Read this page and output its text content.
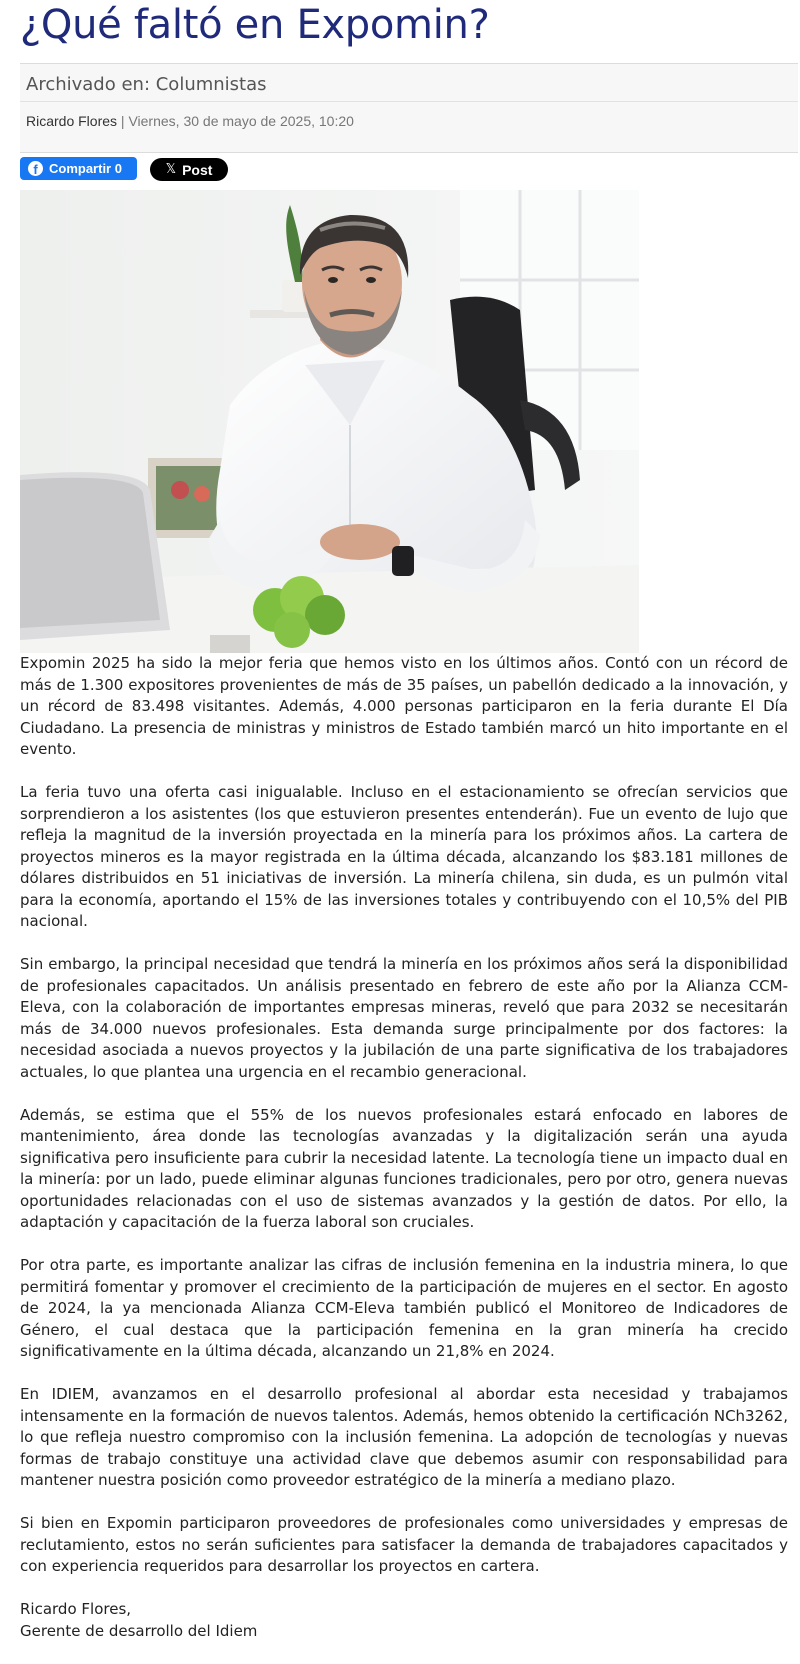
¿Qué faltó en Expomin?
Archivado en: Columnistas
Ricardo Flores | Viernes, 30 de mayo de 2025, 10:20
f Compartir 0	𝕏 Post

Expomin 2025 ha sido la mejor feria que hemos visto en los últimos años. Contó con un récord de más de 1.300 expositores provenientes de más de 35 países, un pabellón dedicado a la innovación, y un récord de 83.498 visitantes. Además, 4.000 personas participaron en la feria durante El Día Ciudadano. La presencia de ministras y ministros de Estado también marcó un hito importante en el evento.

La feria tuvo una oferta casi inigualable. Incluso en el estacionamiento se ofrecían servicios que sorprendieron a los asistentes (los que estuvieron presentes entenderán). Fue un evento de lujo que refleja la magnitud de la inversión proyectada en la minería para los próximos años. La cartera de proyectos mineros es la mayor registrada en la última década, alcanzando los $83.181 millones de dólares distribuidos en 51 iniciativas de inversión. La minería chilena, sin duda, es un pulmón vital para la economía, aportando el 15% de las inversiones totales y contribuyendo con el 10,5% del PIB nacional.

Sin embargo, la principal necesidad que tendrá la minería en los próximos años será la disponibilidad de profesionales capacitados. Un análisis presentado en febrero de este año por la Alianza CCM-Eleva, con la colaboración de importantes empresas mineras, reveló que para 2032 se necesitarán más de 34.000 nuevos profesionales. Esta demanda surge principalmente por dos factores: la necesidad asociada a nuevos proyectos y la jubilación de una parte significativa de los trabajadores actuales, lo que plantea una urgencia en el recambio generacional.

Además, se estima que el 55% de los nuevos profesionales estará enfocado en labores de mantenimiento, área donde las tecnologías avanzadas y la digitalización serán una ayuda significativa pero insuficiente para cubrir la necesidad latente. La tecnología tiene un impacto dual en la minería: por un lado, puede eliminar algunas funciones tradicionales, pero por otro, genera nuevas oportunidades relacionadas con el uso de sistemas avanzados y la gestión de datos. Por ello, la adaptación y capacitación de la fuerza laboral son cruciales.

Por otra parte, es importante analizar las cifras de inclusión femenina en la industria minera, lo que permitirá fomentar y promover el crecimiento de la participación de mujeres en el sector. En agosto de 2024, la ya mencionada Alianza CCM-Eleva también publicó el Monitoreo de Indicadores de Género, el cual destaca que la participación femenina en la gran minería ha crecido significativamente en la última década, alcanzando un 21,8% en 2024.

En IDIEM, avanzamos en el desarrollo profesional al abordar esta necesidad y trabajamos intensamente en la formación de nuevos talentos. Además, hemos obtenido la certificación NCh3262, lo que refleja nuestro compromiso con la inclusión femenina. La adopción de tecnologías y nuevas formas de trabajo constituye una actividad clave que debemos asumir con responsabilidad para mantener nuestra posición como proveedor estratégico de la minería a mediano plazo.

Si bien en Expomin participaron proveedores de profesionales como universidades y empresas de reclutamiento, estos no serán suficientes para satisfacer la demanda de trabajadores capacitados y con experiencia requeridos para desarrollar los proyectos en cartera.

Ricardo Flores,
Gerente de desarrollo del Idiem
